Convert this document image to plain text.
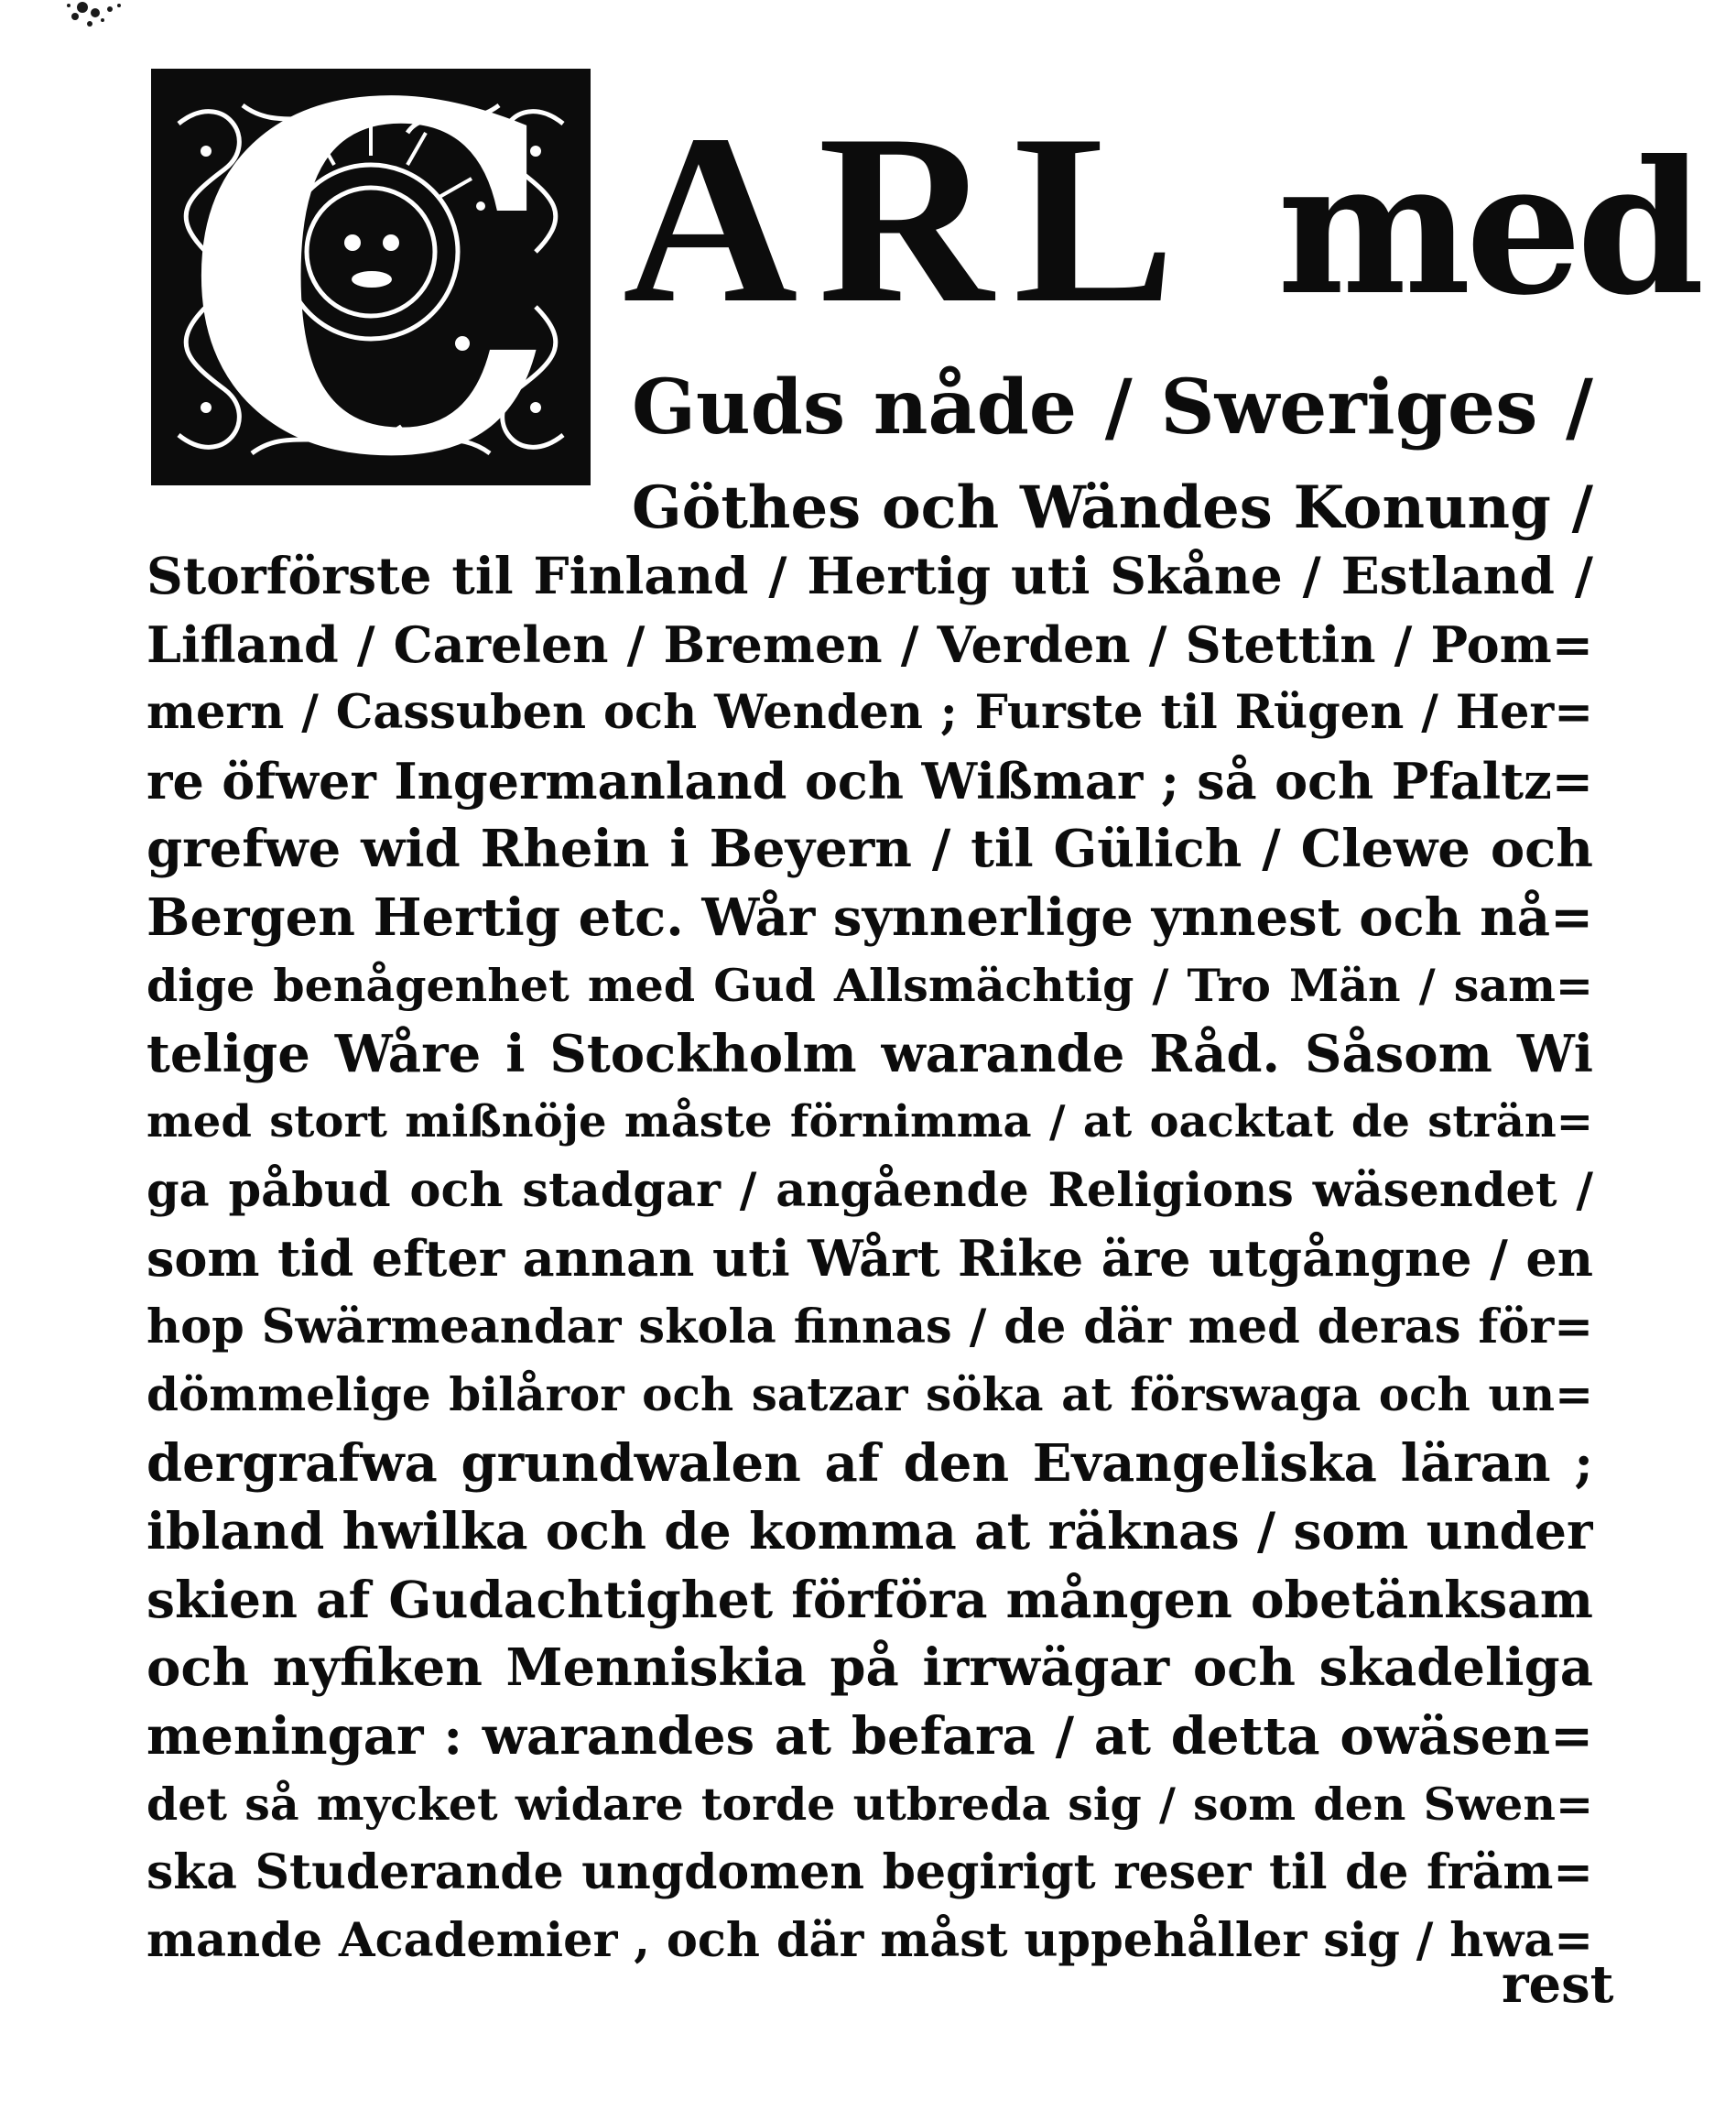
C ARL med
Guds nåde / Sweriges /
Göthes och Wändes Konung /
Storförste til Finland / Hertig uti Skåne / Estland /
Lifland / Carelen / Bremen / Verden / Stettin / Pom=
mern / Cassuben och Wenden ; Furste til Rügen / Her=
re öfwer Ingermanland och Wißmar ; så och Pfaltz=
grefwe wid Rhein i Beyern / til Gülich / Clewe och
Bergen Hertig etc. Wår synnerlige ynnest och nå=
dige benågenhet med Gud Allsmächtig / Tro Män / sam=
telige Wåre i Stockholm warande Råd. Såsom Wi
med stort mißnöje måste förnimma / at oacktat de strän=
ga påbud och stadgar / angående Religions wäsendet /
som tid efter annan uti Wårt Rike äre utgångne / en
hop Swärmeandar skola finnas / de där med deras för=
dömmelige bilåror och satzar söka at förswaga och un=
dergrafwa grundwalen af den Evangeliska läran ;
ibland hwilka och de komma at räknas / som under
skien af Gudachtighet förföra mången obetänksam
och nyfiken Menniskia på irrwägar och skadeliga
meningar : warandes at befara / at detta owäsen=
det så mycket widare torde utbreda sig / som den Swen=
ska Studerande ungdomen begirigt reser til de främ=
mande Academier , och där måst uppehåller sig / hwa=
rest
